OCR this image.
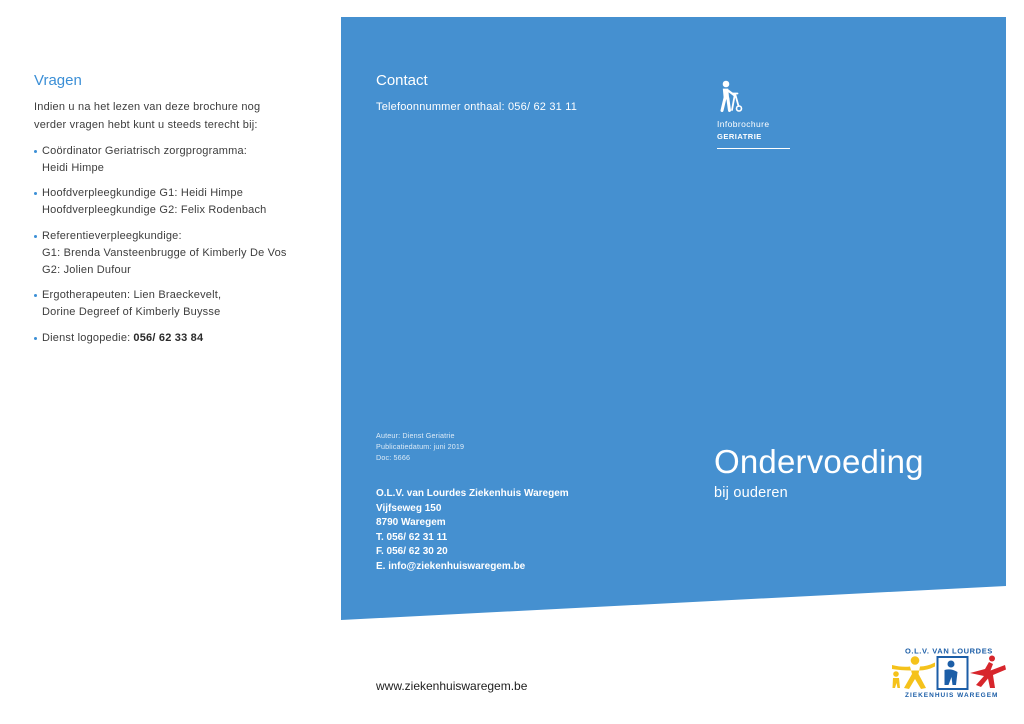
Vragen

Indien u na het lezen van deze brochure nog
verder vragen hebt kunt u steeds terecht bij:

Coördinator Geriatrisch zorgprogramma:
Heidi Himpe
Hoofdverpleegkundige G1: Heidi Himpe
Hoofdverpleegkundige G2: Felix Rodenbach
Referentieverpleegkundige:
G1: Brenda Vansteenbrugge of Kimberly De Vos
G2: Jolien Dufour
Ergotherapeuten: Lien Braeckevelt,
Dorine Degreef of Kimberly Buysse
Dienst logopedie: 056/ 62 33 84
Contact

Telefoonnummer onthaal: 056/ 62 31 11

Infobrochure
GERIATRIE
Auteur: Dienst Geriatrie
Publicatiedatum: juni 2019
Doc: 5666
O.L.V. van Lourdes Ziekenhuis Waregem
Vijfseweg 150
8790 Waregem
T. 056/ 62 31 11
F. 056/ 62 30 20
E. info@ziekenhuiswaregem.be
Ondervoeding

bij ouderen

www.ziekenhuiswaregem.be
O.L.V. VAN LOURDES
ZIEKENHUIS WAREGEM
